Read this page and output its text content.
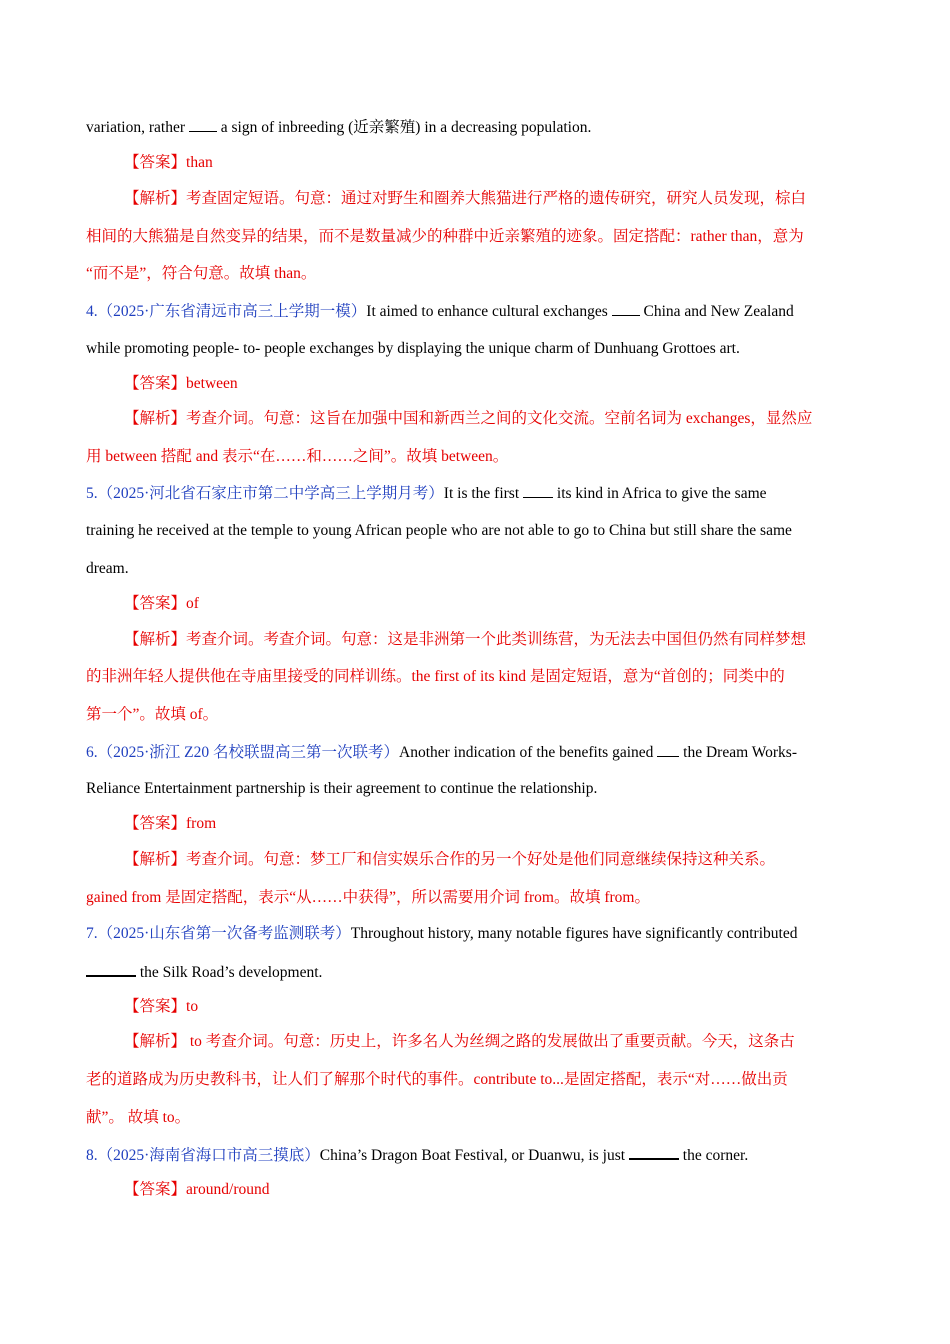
variation, rather  a sign of inbreeding (近亲繁殖) in a decreasing population.
【答案】than
【解析】考查固定短语。句意：通过对野生和圈养大熊猫进行严格的遗传研究，研究人员发现，棕白
相间的大熊猫是自然变异的结果，而不是数量减少的种群中近亲繁殖的迹象。固定搭配：rather than，意为
“而不是”，符合句意。故填 than。
4.（2025·广东省清远市高三上学期一模）It aimed to enhance cultural exchanges  China and New Zealand
while promoting people- to- people exchanges by displaying the unique charm of Dunhuang Grottoes art.
【答案】between
【解析】考查介词。句意：这旨在加强中国和新西兰之间的文化交流。空前名词为 exchanges，显然应
用 between 搭配 and 表示“在……和……之间”。故填 between。
5.（2025·河北省石家庄市第二中学高三上学期月考）It is the first  its kind in Africa to give the same
training he received at the temple to young African people who are not able to go to China but still share the same
dream.
【答案】of
【解析】考查介词。考查介词。句意：这是非洲第一个此类训练营，为无法去中国但仍然有同样梦想
的非洲年轻人提供他在寺庙里接受的同样训练。the first of its kind 是固定短语，意为“首创的；同类中的
第一个”。故填 of。
6.（2025·浙江 Z20 名校联盟高三第一次联考）Another indication of the benefits gained  the Dream Works-
Reliance Entertainment partnership is their agreement to continue the relationship.
【答案】from
【解析】考查介词。句意：梦工厂和信实娱乐合作的另一个好处是他们同意继续保持这种关系。
gained from 是固定搭配，表示“从……中获得”，所以需要用介词 from。故填 from。
7.（2025·山东省第一次备考监测联考）Throughout history, many notable figures have significantly contributed
the Silk Road’s development.
【答案】to
【解析】 to 考查介词。句意：历史上，许多名人为丝绸之路的发展做出了重要贡献。今天，这条古
老的道路成为历史教科书，让人们了解那个时代的事件。contribute to...是固定搭配，表示“对……做出贡
献”。 故填 to。
8.（2025·海南省海口市高三摸底）China’s Dragon Boat Festival, or Duanwu, is just	the corner.
【答案】around/round
